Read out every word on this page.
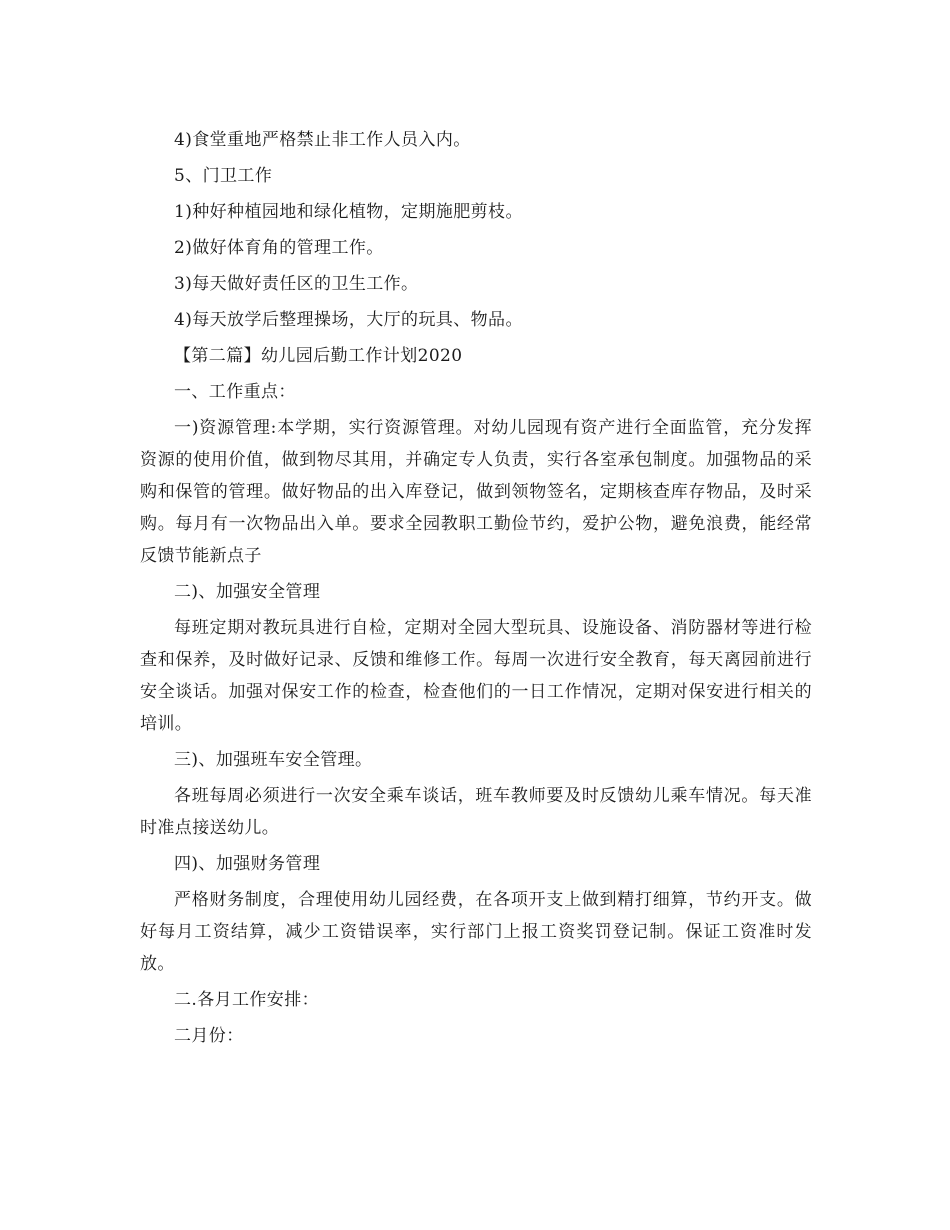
4)食堂重地严格禁止非工作人员入内。

5、门卫工作

1)种好种植园地和绿化植物，定期施肥剪枝。

2)做好体育角的管理工作。

3)每天做好责任区的卫生工作。

4)每天放学后整理操场，大厅的玩具、物品。

【第二篇】幼儿园后勤工作计划2020

一、工作重点：

一)资源管理:本学期，实行资源管理。对幼儿园现有资产进行全面监管，充分发挥资源的使用价值，做到物尽其用，并确定专人负责，实行各室承包制度。加强物品的采购和保管的管理。做好物品的出入库登记，做到领物签名，定期核查库存物品，及时采购。每月有一次物品出入单。要求全园教职工勤俭节约，爱护公物，避免浪费，能经常反馈节能新点子

二)、加强安全管理

每班定期对教玩具进行自检，定期对全园大型玩具、设施设备、消防器材等进行检查和保养，及时做好记录、反馈和维修工作。每周一次进行安全教育，每天离园前进行安全谈话。加强对保安工作的检查，检查他们的一日工作情况，定期对保安进行相关的培训。

三)、加强班车安全管理。

各班每周必须进行一次安全乘车谈话，班车教师要及时反馈幼儿乘车情况。每天准时准点接送幼儿。

四)、加强财务管理

严格财务制度，合理使用幼儿园经费，在各项开支上做到精打细算，节约开支。做好每月工资结算，减少工资错误率，实行部门上报工资奖罚登记制。保证工资准时发放。

二.各月工作安排：

二月份：
